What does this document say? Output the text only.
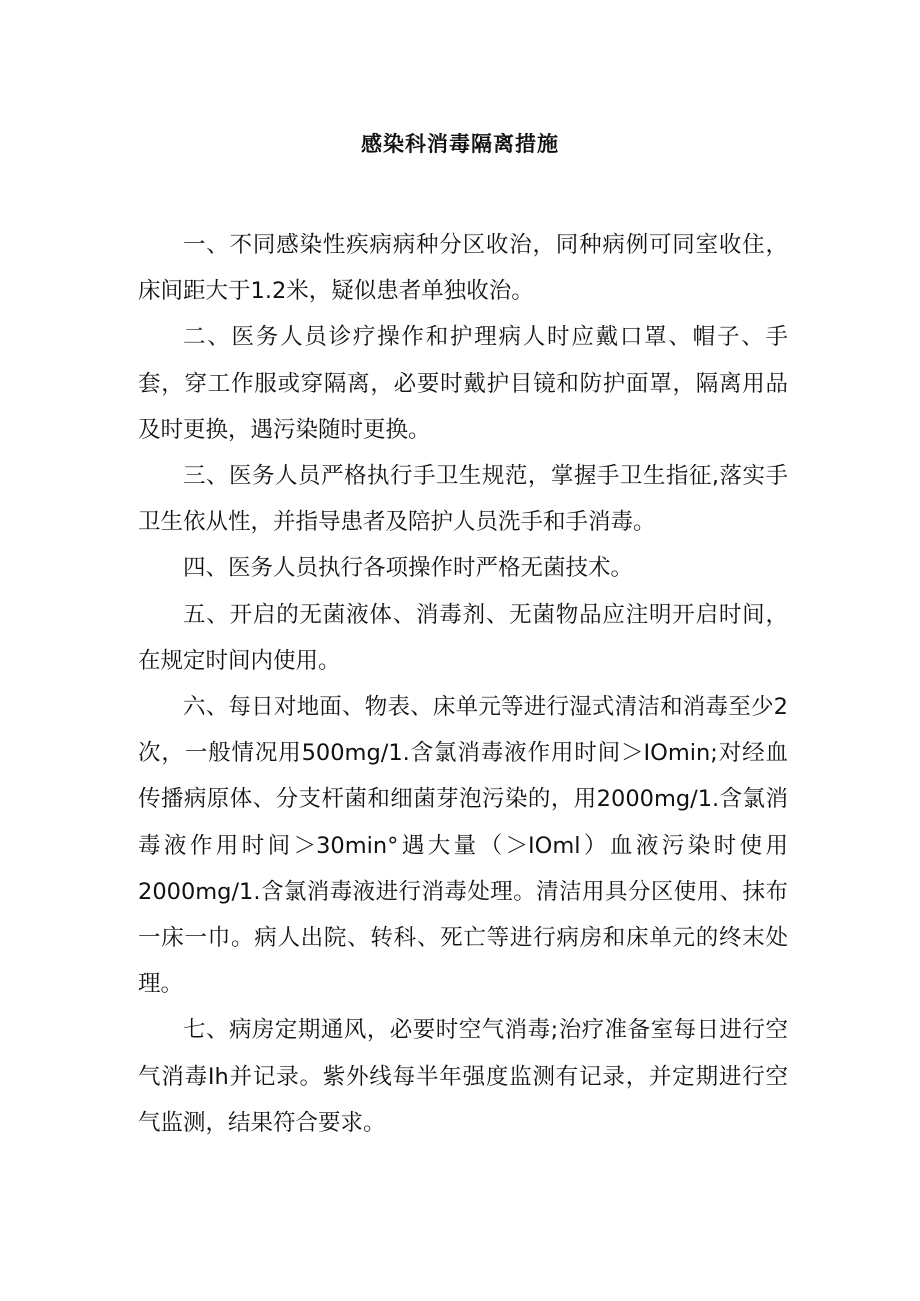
感染科消毒隔离措施

一、不同感染性疾病病种分区收治，同种病例可同室收住，床间距大于1.2米，疑似患者单独收治。

二、医务人员诊疗操作和护理病人时应戴口罩、帽子、手套，穿工作服或穿隔离，必要时戴护目镜和防护面罩，隔离用品及时更换，遇污染随时更换。

三、医务人员严格执行手卫生规范，掌握手卫生指征,落实手卫生依从性，并指导患者及陪护人员洗手和手消毒。

四、医务人员执行各项操作时严格无菌技术。

五、开启的无菌液体、消毒剂、无菌物品应注明开启时间，在规定时间内使用。

六、每日对地面、物表、床单元等进行湿式清洁和消毒至少2次，一般情况用500mg∕1.含氯消毒液作用时间＞IOmin;对经血传播病原体、分支杆菌和细菌芽泡污染的，用2000mg∕1.含氯消毒液作用时间＞30min°遇大量（＞IOml）血液污染时使用2000mg/1.含氯消毒液进行消毒处理。清洁用具分区使用、抹布一床一巾。病人出院、转科、死亡等进行病房和床单元的终末处理。

七、病房定期通风，必要时空气消毒;治疗准备室每日进行空气消毒Ih并记录。紫外线每半年强度监测有记录，并定期进行空气监测，结果符合要求。
